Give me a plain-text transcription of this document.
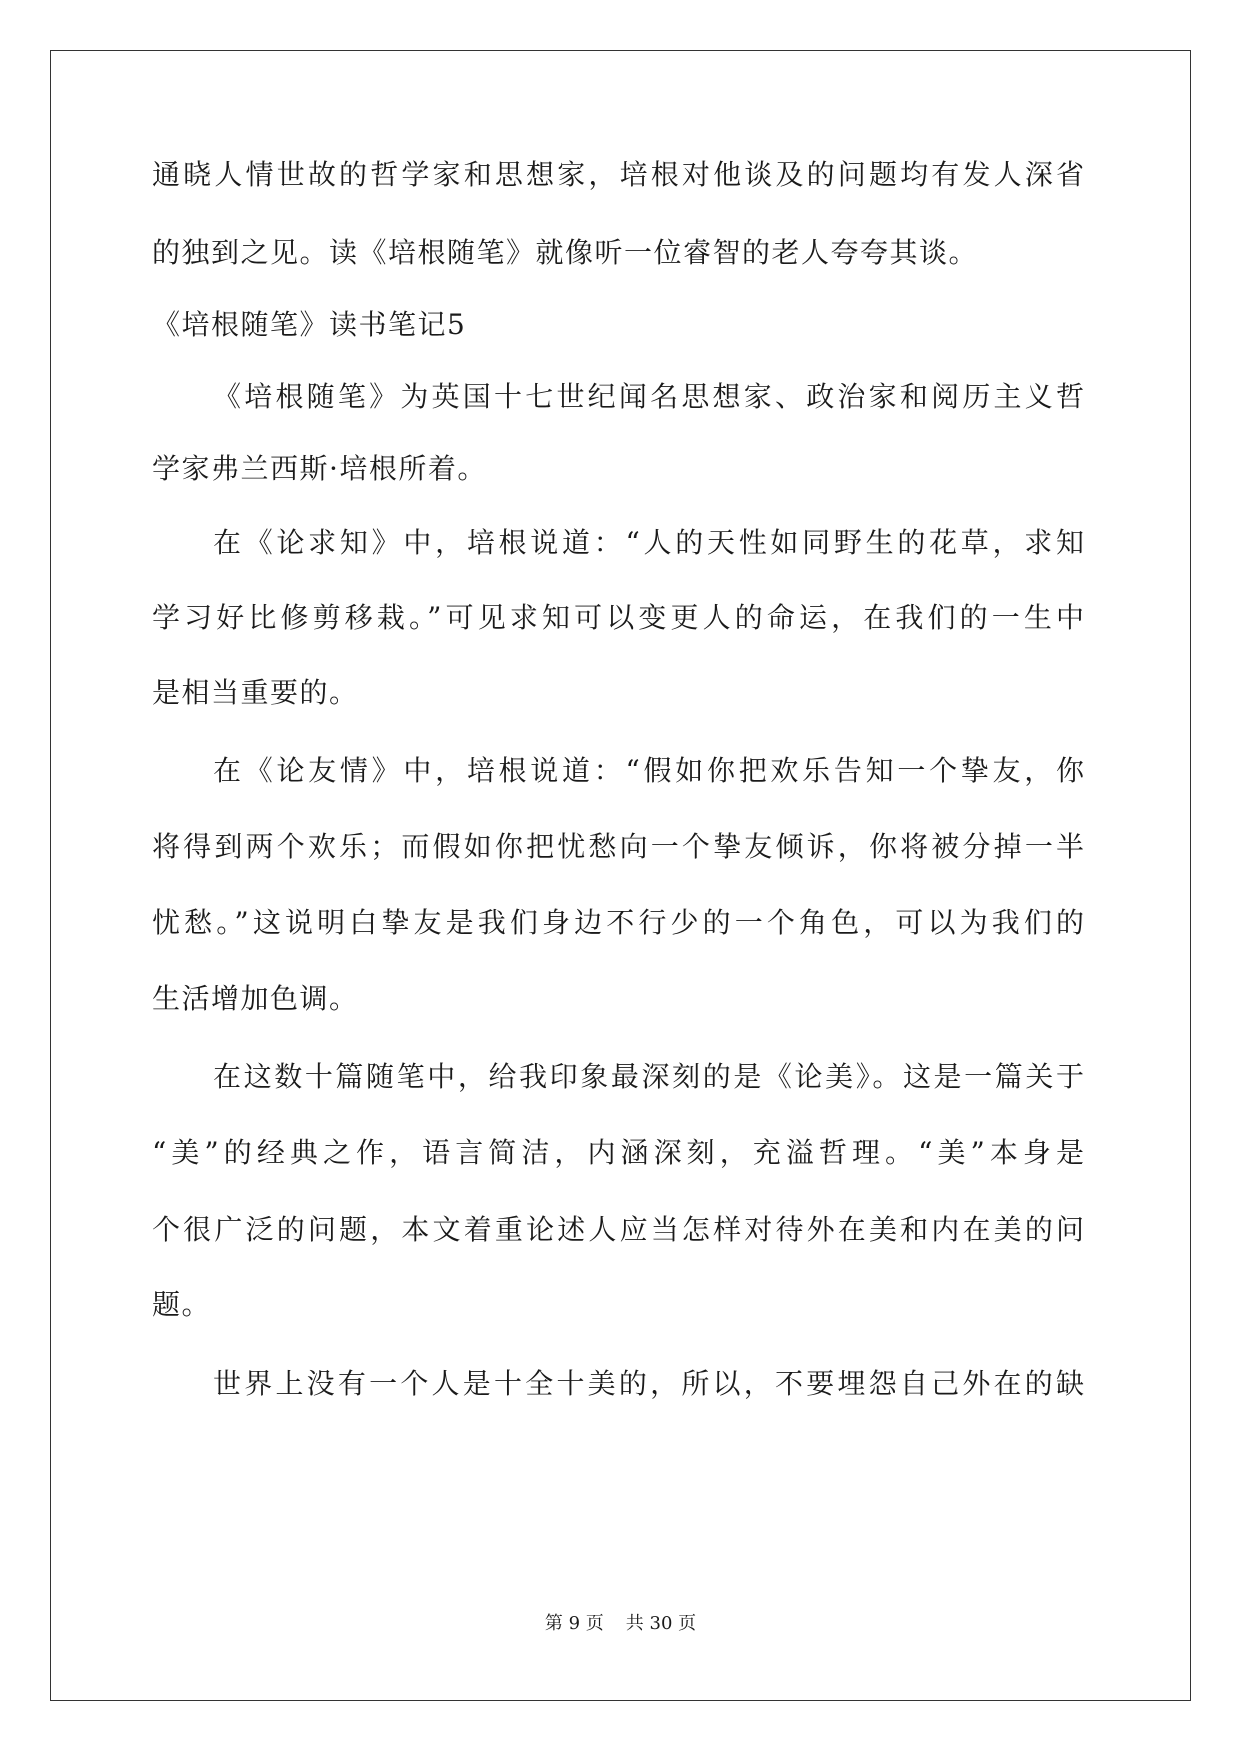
通晓人情世故的哲学家和思想家，培根对他谈及的问题均有发人深省
的独到之见。读《培根随笔》就像听一位睿智的老人夸夸其谈。
《培根随笔》读书笔记5
《培根随笔》为英国十七世纪闻名思想家、政治家和阅历主义哲
学家弗兰西斯·培根所着。
在《论求知》中，培根说道：“人的天性如同野生的花草，求知
学习好比修剪移栽。”可见求知可以变更人的命运，在我们的一生中
是相当重要的。
在《论友情》中，培根说道：“假如你把欢乐告知一个挚友，你
将得到两个欢乐；而假如你把忧愁向一个挚友倾诉，你将被分掉一半
忧愁。”这说明白挚友是我们身边不行少的一个角色，可以为我们的
生活增加色调。
在这数十篇随笔中，给我印象最深刻的是《论美》。这是一篇关于
“美”的经典之作，语言简洁，内涵深刻，充溢哲理。“美”本身是
个很广泛的问题，本文着重论述人应当怎样对待外在美和内在美的问
题。
世界上没有一个人是十全十美的，所以，不要埋怨自己外在的缺
第 9 页 共 30 页
